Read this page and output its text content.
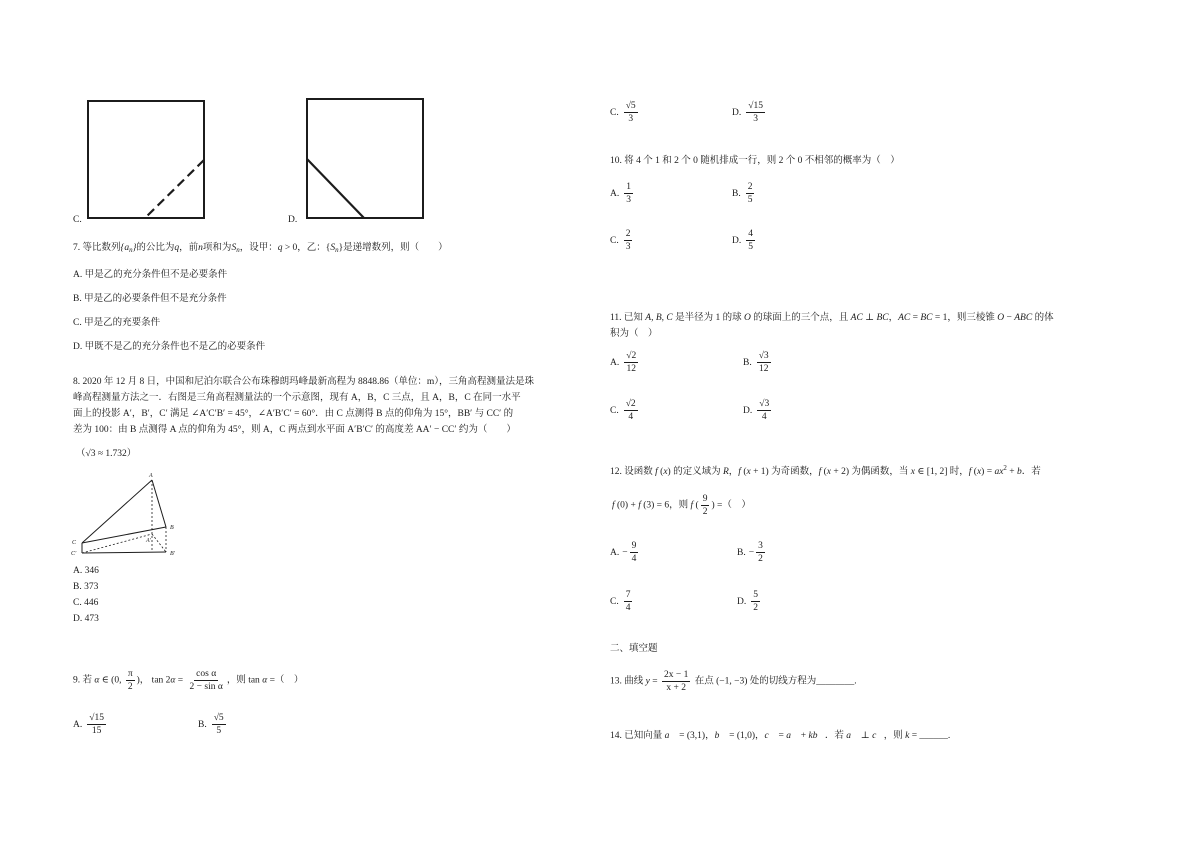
C.	D.
7. 等比数列$\{a_n\}$的公比为q，前n项和为$S_n$，设甲：q > 0，乙：$\{S_n\}$是递增数列，则（　　）
A. 甲是乙的充分条件但不是必要条件
B. 甲是乙的必要条件但不是充分条件
C. 甲是乙的充要条件
D. 甲既不是乙的充分条件也不是乙的必要条件
8. 2020 年 12 月 8 日，中国和尼泊尔联合公布珠穆朗玛峰最新高程为 8848.86（单位：m），三角高程测量法是珠
峰高程测量方法之一．右图是三角高程测量法的一个示意图，现有 A，B，C 三点，且 A，B，C 在同一水平
面上的投影 A′，B′，C′ 满足 ∠A′C′B′ = 45°，∠A′B′C′ = 60°．由 C 点测得 B 点的仰角为 15°，BB′ 与 CC′ 的
差为 100：由 B 点测得 A 点的仰角为 45°，则 A，C 两点到水平面 A′B′C′ 的高度差 AA′ − CC′ 约为（　　）
（√3 ≈ 1.732）
A
B
C
C′	B′
A′
A. 346
B. 373
C. 446
D. 473
9. 若 α ∈ (0, $\frac{\pi}{2}$ )， $\tan 2\alpha = \frac{\text{cos α}}{\text{2 − sin α}}$ ，则 tan α =（　）
A. $\frac{√15}{15}$	B. $\frac{√5}{5}$
C. $\frac{√5}{3}$	D. $\frac{√15}{3}$
10. 将 4 个 1 和 2 个 0 随机排成一行，则 2 个 0 不相邻的概率为（　）
A. $\frac{1}{3}$	B. $\frac{2}{5}$
C. $\frac{2}{3}$	D. $\frac{4}{5}$
11. 已知 A, B, C 是半径为 1 的球 O 的球面上的三个点，且 AC ⊥ BC，AC = BC = 1，则三棱锥 O − ABC 的体
积为（　）
A. $\frac{√2}{12}$	B. $\frac{√3}{12}$
C. $\frac{√2}{4}$	D. $\frac{√3}{4}$
12. 设函数 f (x) 的定义域为 R，f (x + 1) 为奇函数，f (x + 2) 为偶函数，当 x ∈ [1, 2] 时，f $(x) = ax^2 + b$．若
f (0) + f (3) = 6，则 f ( $\frac{9}{2}$ ) =（　）
A. − $\frac{9}{4}$	B. − $\frac{3}{2}$
C. $\frac{7}{4}$	D. $\frac{5}{2}$
二、填空题
13. 曲线 $y = \frac{2x - 1}{x + 2}$ 在点 (−1, −3) 处的切线方程为________.
14. 已知向量 a⃗ = (3,1)，b⃗ = (1,0)，c⃗ = a⃗ + kb⃗．若 a⃗ ⊥ c⃗，则 k = ______.
